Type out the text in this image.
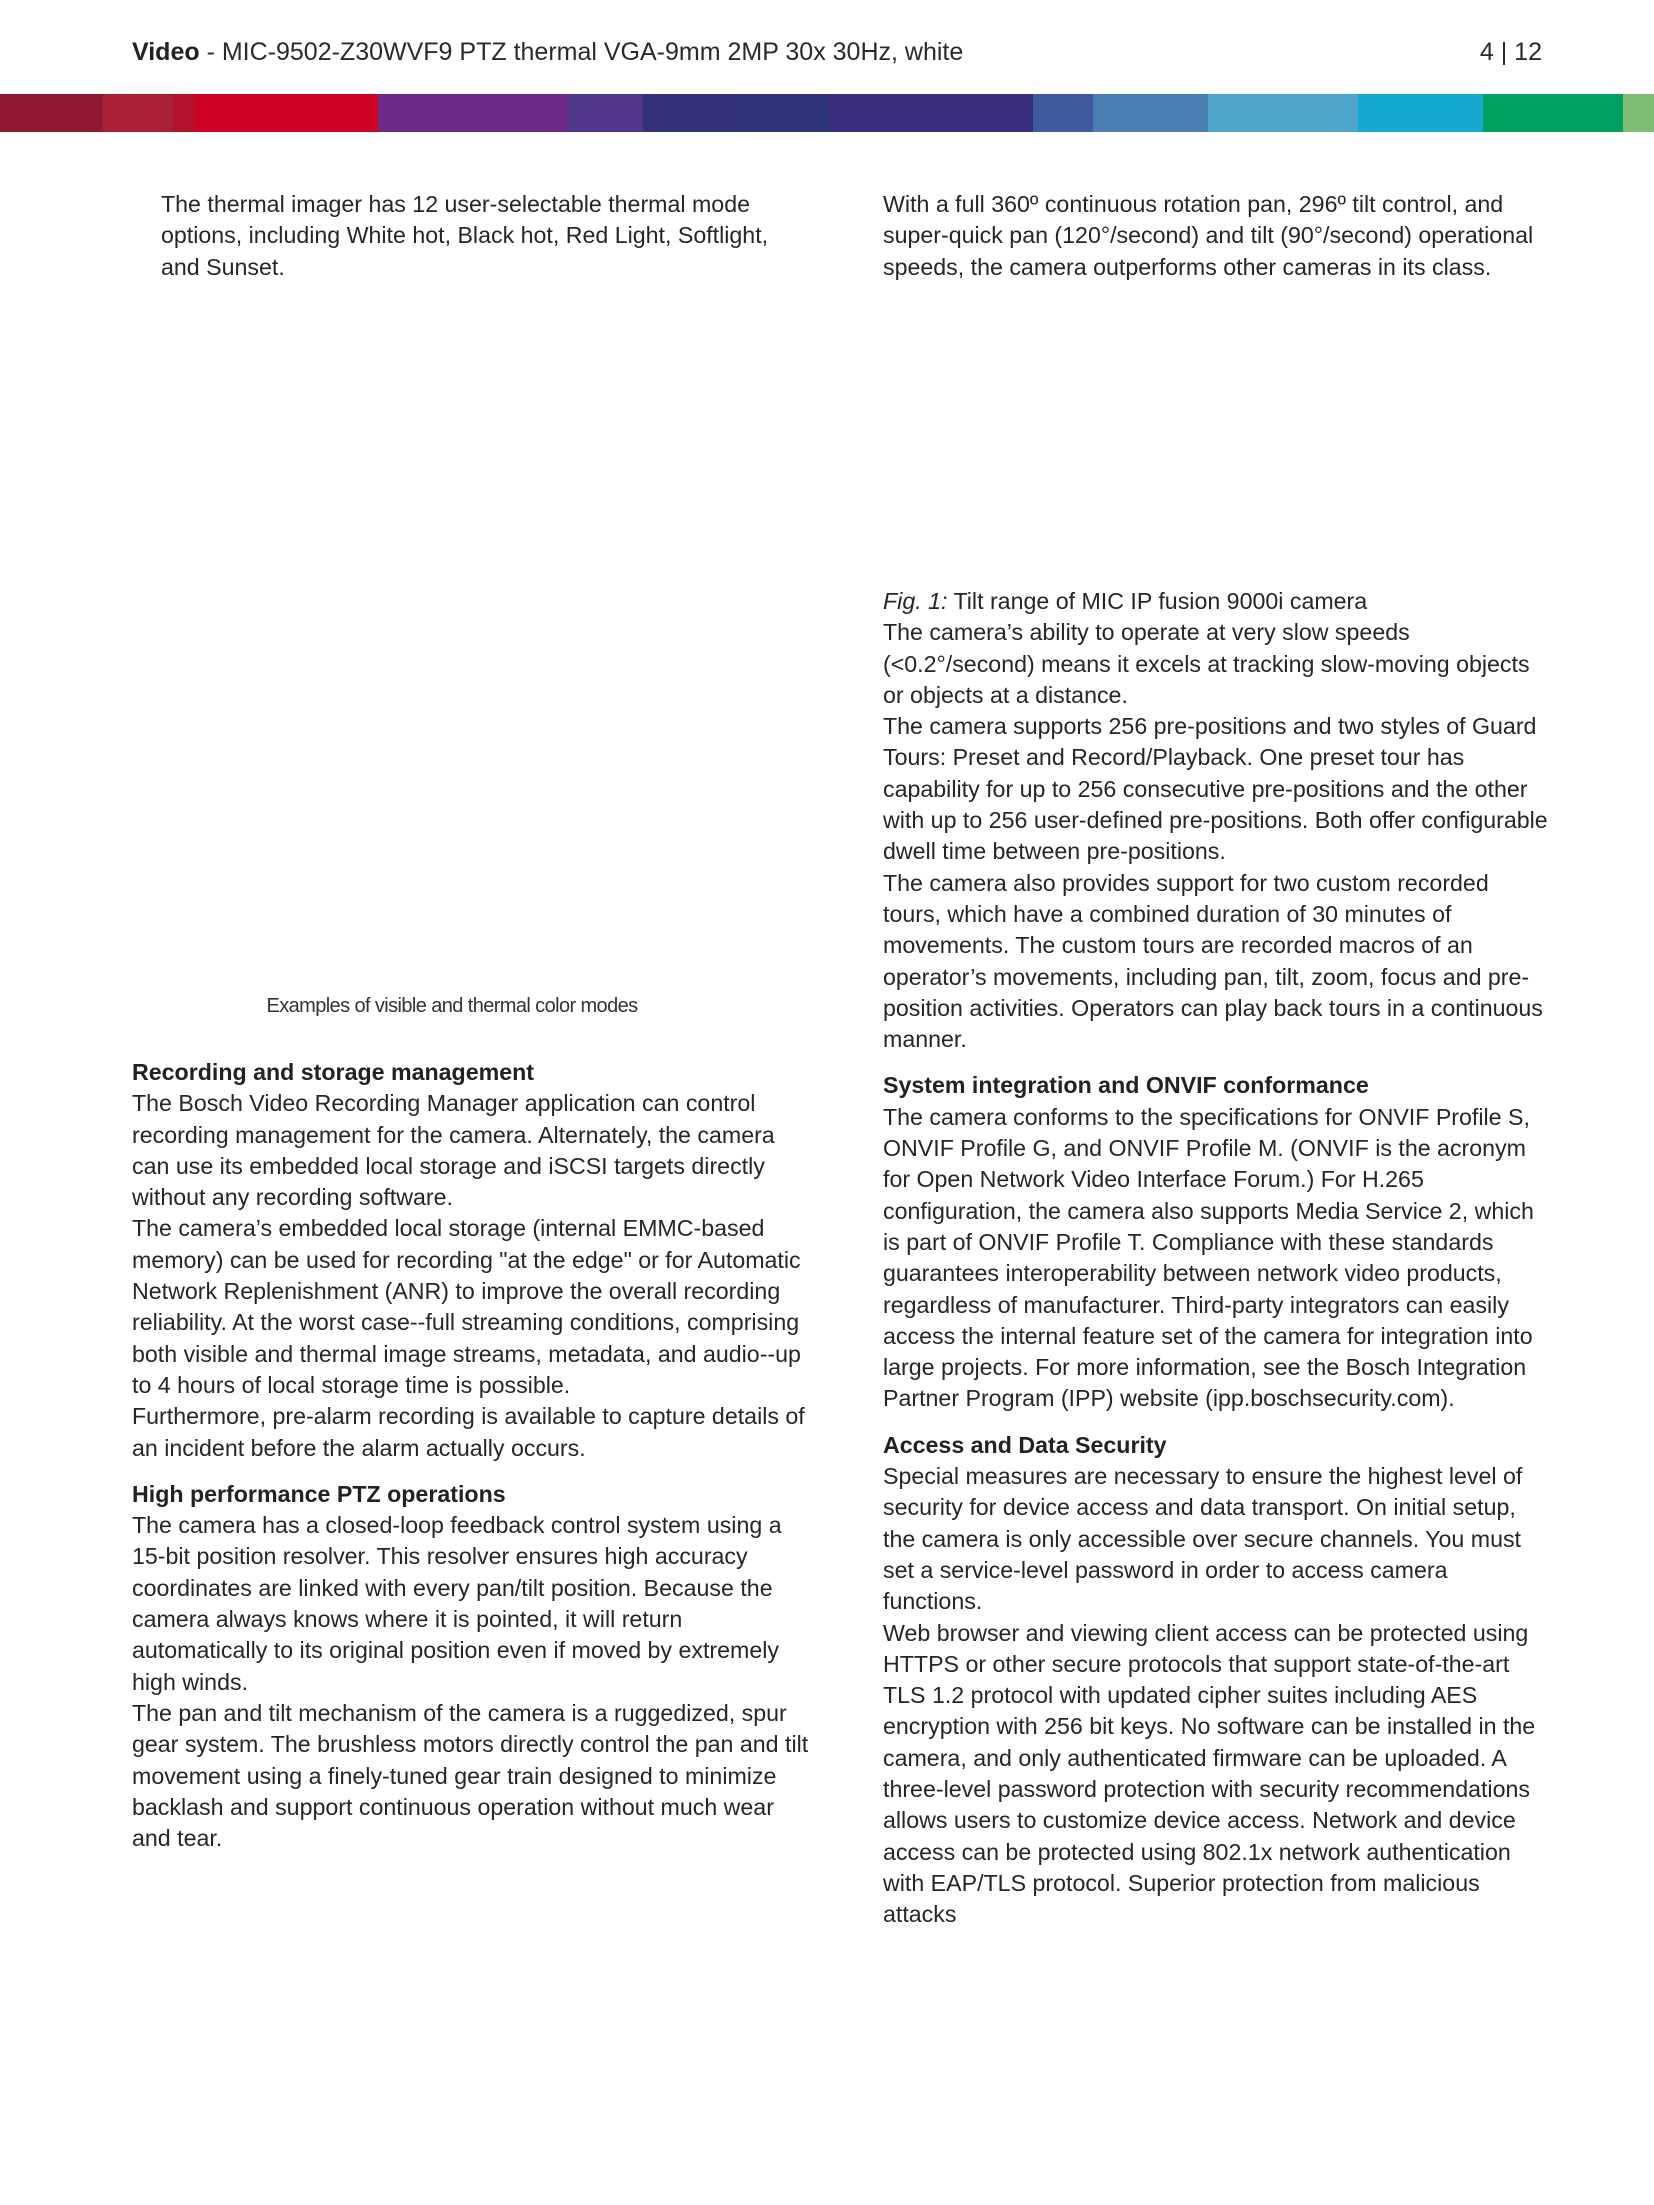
Video - MIC-9502-Z30WVF9 PTZ thermal VGA-9mm 2MP 30x 30Hz, white	4 | 12

The thermal imager has 12 user-selectable thermal mode options, including White hot, Black hot, Red Light, Softlight, and Sunset.

With a full 360º continuous rotation pan, 296º tilt control, and super-quick pan (120°/second) and tilt (90°/second) operational speeds, the camera outperforms other cameras in its class.

Examples of visible and thermal color modes
Recording and storage management

The Bosch Video Recording Manager application can control recording management for the camera. Alternately, the camera can use its embedded local storage and iSCSI targets directly without any recording software.

The camera’s embedded local storage (internal EMMC-based memory) can be used for recording "at the edge" or for Automatic Network Replenishment (ANR) to improve the overall recording reliability. At the worst case--full streaming conditions, comprising both visible and thermal image streams, metadata, and audio--up to 4 hours of local storage time is possible.

Furthermore, pre-alarm recording is available to capture details of an incident before the alarm actually occurs.

High performance PTZ operations

The camera has a closed-loop feedback control system using a 15-bit position resolver. This resolver ensures high accuracy coordinates are linked with every pan/tilt position. Because the camera always knows where it is pointed, it will return automatically to its original position even if moved by extremely high winds.

The pan and tilt mechanism of the camera is a ruggedized, spur gear system. The brushless motors directly control the pan and tilt movement using a finely-tuned gear train designed to minimize backlash and support continuous operation without much wear and tear.

Fig. 1: Tilt range of MIC IP fusion 9000i camera

The camera’s ability to operate at very slow speeds (<0.2°/second) means it excels at tracking slow-moving objects or objects at a distance.

The camera supports 256 pre-positions and two styles of Guard Tours: Preset and Record/Playback. One preset tour has capability for up to 256 consecutive pre-positions and the other with up to 256 user-defined pre-positions. Both offer configurable dwell time between pre-positions.

The camera also provides support for two custom recorded tours, which have a combined duration of 30 minutes of movements. The custom tours are recorded macros of an operator’s movements, including pan, tilt, zoom, focus and pre-position activities. Operators can play back tours in a continuous manner.

System integration and ONVIF conformance

The camera conforms to the specifications for ONVIF Profile S, ONVIF Profile G, and ONVIF Profile M. (ONVIF is the acronym for Open Network Video Interface Forum.) For H.265 configuration, the camera also supports Media Service 2, which is part of ONVIF Profile T. Compliance with these standards guarantees interoperability between network video products, regardless of manufacturer. Third-party integrators can easily access the internal feature set of the camera for integration into large projects. For more information, see the Bosch Integration Partner Program (IPP) website (ipp.boschsecurity.com).

Access and Data Security

Special measures are necessary to ensure the highest level of security for device access and data transport. On initial setup, the camera is only accessible over secure channels. You must set a service-level password in order to access camera functions.

Web browser and viewing client access can be protected using HTTPS or other secure protocols that support state-of-the-art TLS 1.2 protocol with updated cipher suites including AES encryption with 256 bit keys. No software can be installed in the camera, and only authenticated firmware can be uploaded. A three-level password protection with security recommendations allows users to customize device access. Network and device access can be protected using 802.1x network authentication with EAP/TLS protocol. Superior protection from malicious attacks
